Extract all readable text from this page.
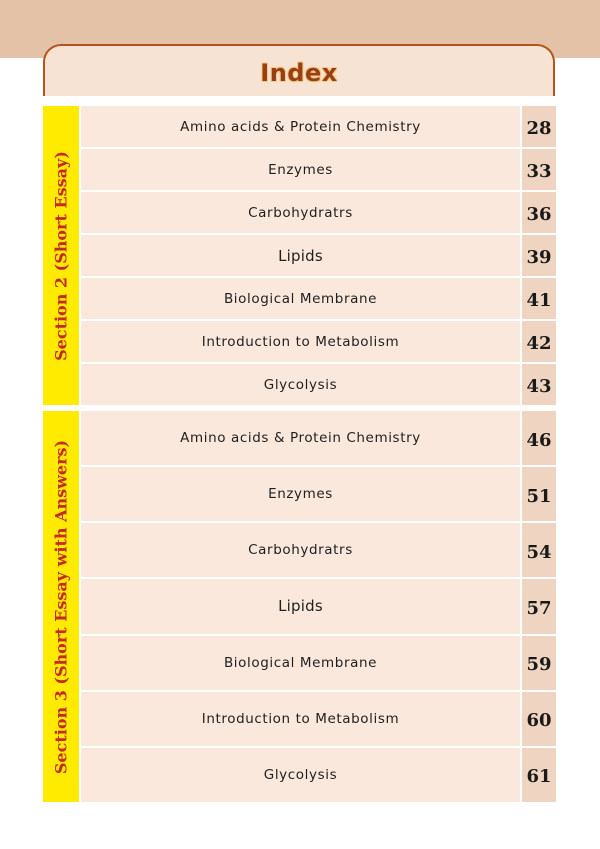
Index
Section 2 (Short Essay)
Amino acids & Protein Chemistry	28
Enzymes	33
Carbohydratrs	36
Lipids	39
Biological Membrane	41
Introduction to Metabolism	42
Glycolysis	43
Section 3 (Short Essay with Answers)
Amino acids & Protein Chemistry	46
Enzymes	51
Carbohydratrs	54
Lipids	57
Biological Membrane	59
Introduction to Metabolism	60
Glycolysis	61
